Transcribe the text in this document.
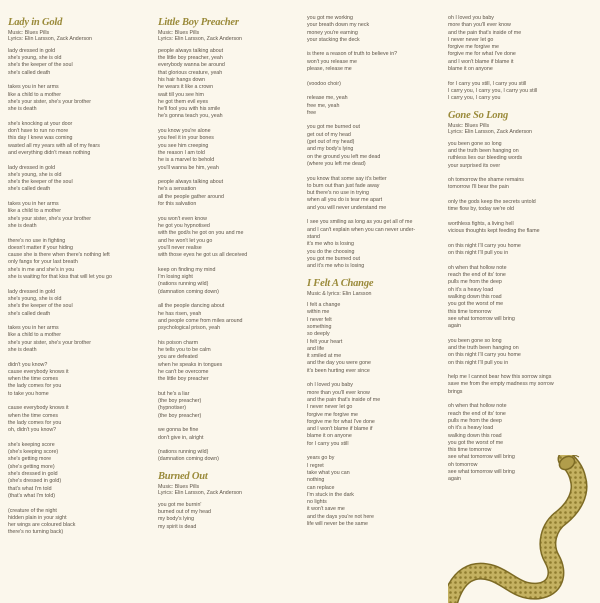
Lady in Gold
Music: Blues Pills
Lyrics: Elin Larsson, Zack Anderson
lady dressed in gold
she's young, she is old
she's the keeper of the soul
she's called death
takes you in her arms
like a child to a mother
she's your sister, she's your brother
she is death
she's knocking at your door
don't have to run no more
this day I knew was coming
wasted all my years with all of my fears
and everything didn't mean nothing
lady dressed in gold
she's young, she is old
she's the keeper of the soul
she's called death
takes you in her arms
like a child to a mother
she's your sister, she's your brother
she is death
there's no use in fighting
doesn't matter if your hiding
cause she is there when there's nothing left
only fangs for your last breath
she's in me and she's in you
she is waiting for that kiss that will let you go
lady dressed in gold
she's young, she is old
she's the keeper of the soul
she's called death
takes you in her arms
like a child to a mother
she's your sister, she's your brother
she is death
didn't you know?
cause everybody knows it
when the time comes
the lady comes for you
to take you home
cause everybody knows it
when the time comes
the lady comes for you
oh, didn't you know?
she's keeping score
(she's keeping score)
she's getting more
(she's getting more)
she's dressed in gold
(she's dressed in gold)
that's what I'm told
(that's what I'm told)
(creature of the night
hidden plain in your sight
her wings are coloured black
there's no turning back)
Little Boy Preacher
Music: Blues Pills
Lyrics: Elin Larsson, Zack Anderson
people always talking about
the little boy preacher, yeah
everybody wanna be around
that glorious creature, yeah
his hair hangs down
he wears it like a crown
wait till you see him
he got them evil eyes
he'll fool you with his smile
he's gonna teach you, yeah
you know you're alone
you feel it in your bones
you see him creeping
the reason I am told
he is a marvel to behold
you'll wanna be him, yeah
people always talking about
he's a sensation
all the people gather around
for this salvation
you won't even know
he got you hypnotised
with the god/s he got on you and me
and he won't let you go
you'll never realise
with those eyes he got us all deceived
keep on finding my mind
I'm losing sight
(nations running wild)
(damnation coming down)
all the people dancing about
he has risen, yeah
and people come from miles around
psychological prison, yeah
his poison charm
he tells you to be calm
you are defeated
when he speaks in tongues
he can't be overcome
the little boy preacher
but he's a liar
(the boy preacher)
(hypnotiser)
(the boy preacher)
we gonna be fine
don't give in, alright
(nations running wild)
(damnation coming down)
Burned Out
Music: Blues Pills
Lyrics: Elin Larsson, Zack Anderson
you got me burnin'
burned out of my head
my body's lying
my spirit is dead
you got me working
your breath down my neck
money you're earning
your stacking the deck
is there a reason of truth to believe in?
won't you release me
please, release me
(voodoo choir)
release me, yeah
free me, yeah
free
you got me burned out
get out of my head
(get out of my head)
and my body's lying
on the ground you left me dead
(where you left me dead)
you know that some say it's better
to burn out than just fade away
but there's no use in trying
when all you do is tear me apart
and you will never understand me
I see you smiling as long as you get all of me
and I can't explain when you can never under-
stand
it's me who is losing
you do the choosing
you got me burned out
and it's me who is losing
I Felt A Change
Music & lyrics: Elin Larsson
I felt a change
within me
I never felt
something
so deeply
I felt your heart
and life
it smiled at me
and the day you were gone
it's been hurting ever since
oh I loved you baby
more than you'll ever know
and the pain that's inside of me
I never never let go
forgive me forgive me
forgive me for what I've done
and I won't blame if blame if
blame it on anyone
for I carry you still
years go by
I regret
take what you can
nothing
can replace
I'm stuck in the dark
no lights
it won't save me
and the days you're not here
life will never be the same
oh I loved you baby
more than you'll ever know
and the pain that's inside of me
I never never let go
forgive me forgive me
forgive me for what I've done
and I won't blame if blame it
blame it on anyone
for I carry you still, I carry you still
I carry you, I carry you, I carry you still
I carry you, I carry you
Gone So Long
Music: Blues Pills
Lyrics: Elin Larsson, Zack Anderson
you been gone so long
and the truth been hanging on
ruthless lies our bleeding words
your surprised its over
oh tomorrow the shame remains
tomorrow I'll bear the pain
only the gods keep the secrets untold
time flow by, today we're old
worthless fights, a living hell
vicious thoughts kept feeding the flame
on this night I'll carry you home
on this night I'll pull you in
oh when that hollow note
reach the end of its' tone
pulls me from the deep
oh it's a heavy load
walking down this road
you got the worst of me
this time tomorrow
see what tomorrow will bring
again
you been gone so long
and the truth been hanging on
on this night I'll carry you home
on this night I'll pull you in
help me I cannot bear how this sorrow sings
save me from the empty madness my sorrow
brings
oh when that hollow note
reach the end of its' tone
pulls me from the deep
oh it's a heavy load
walking down this road
you got the worst of me
this time tomorrow
see what tomorrow will bring
oh tomorrow
see what tomorrow will bring
again
